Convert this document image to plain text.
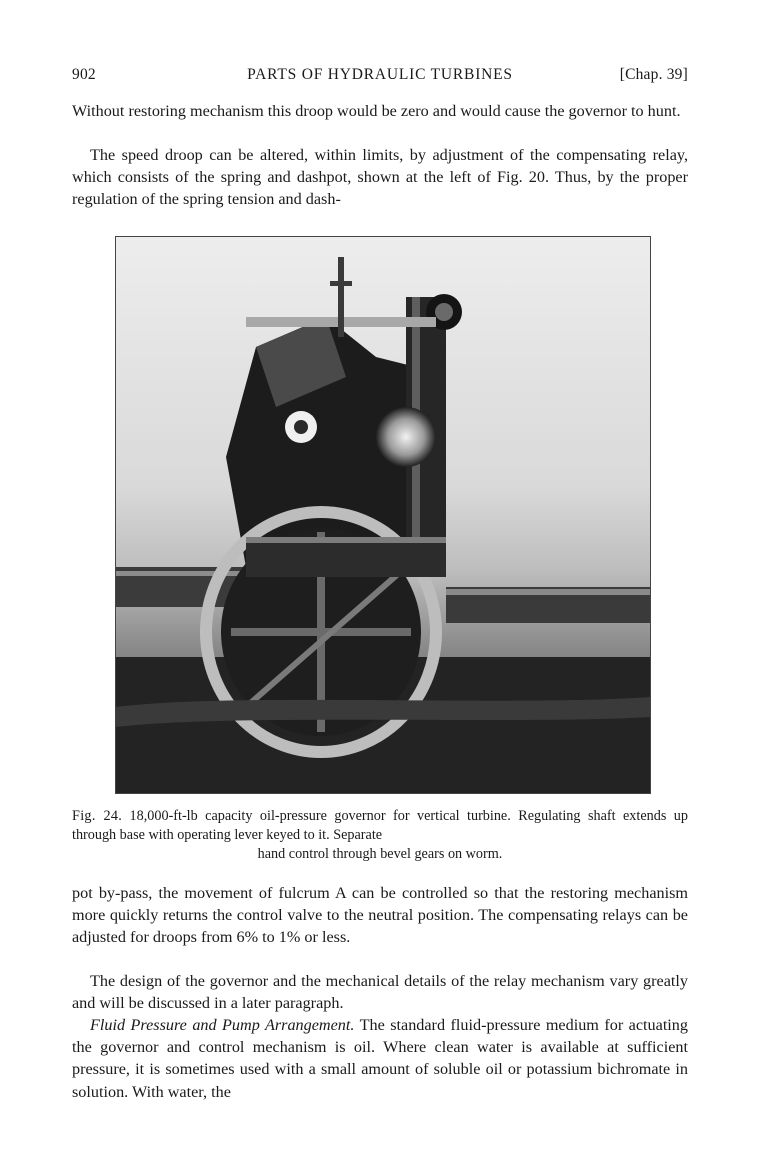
902	PARTS OF HYDRAULIC TURBINES	[Chap. 39]

Without restoring mechanism this droop would be zero and would cause the governor to hunt.

The speed droop can be altered, within limits, by adjustment of the compensating relay, which consists of the spring and dashpot, shown at the left of Fig. 20. Thus, by the proper regulation of the spring tension and dash-

Fig. 24. 18,000-ft-lb capacity oil-pressure governor for vertical turbine. Regulating shaft extends up through base with operating lever keyed to it. Separate
hand control through bevel gears on worm.

pot by-pass, the movement of fulcrum A can be controlled so that the restoring mechanism more quickly returns the control valve to the neutral position. The compensating relays can be adjusted for droops from 6% to 1% or less.

The design of the governor and the mechanical details of the relay mechanism vary greatly and will be discussed in a later paragraph.

Fluid Pressure and Pump Arrangement. The standard fluid-pressure medium for actuating the governor and control mechanism is oil. Where clean water is available at sufficient pressure, it is sometimes used with a small amount of soluble oil or potassium bichromate in solution. With water, the
